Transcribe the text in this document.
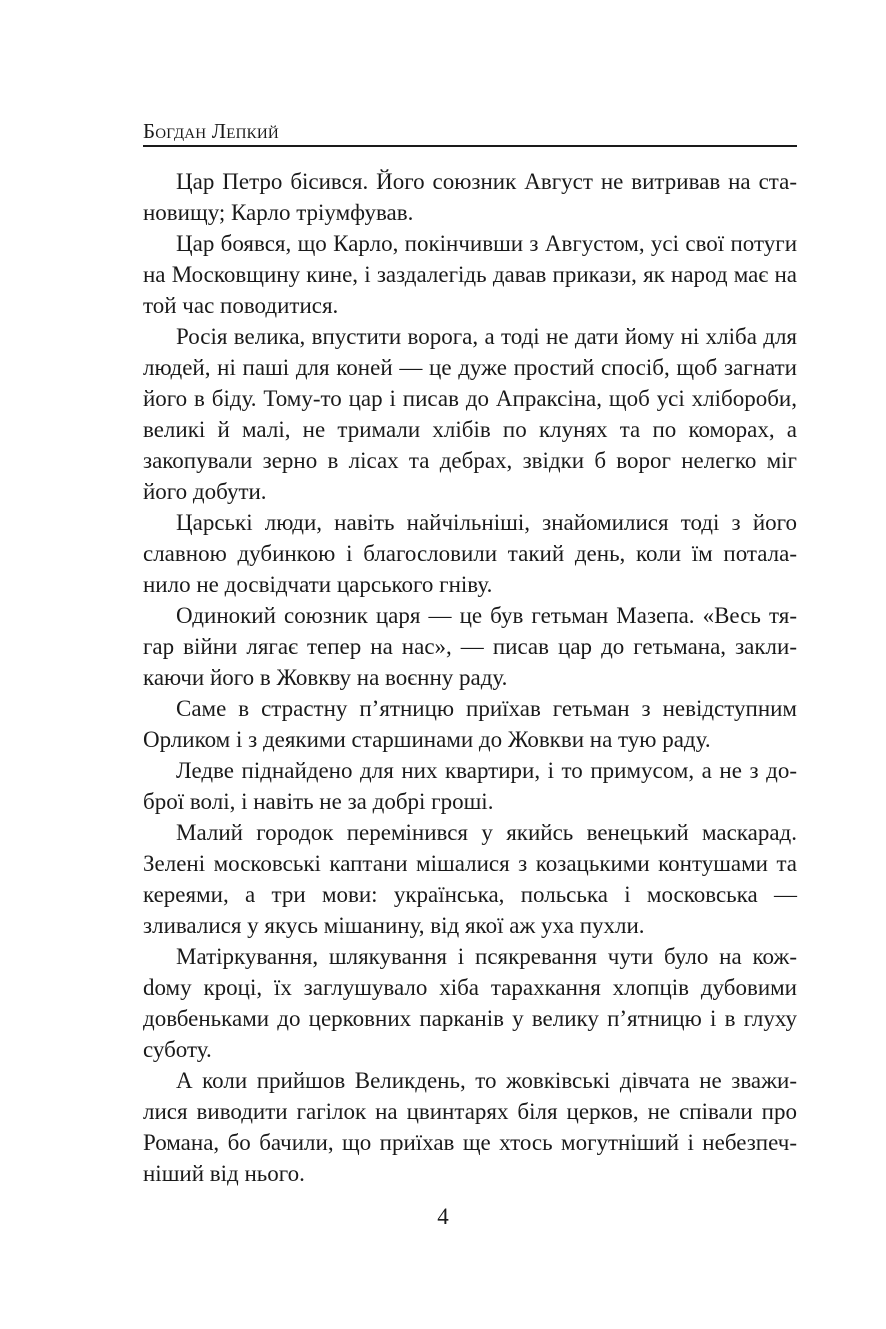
Богдан Лепкий

Цар Петро бісився. Його союзник Август не витривав на становищу; Карло тріумфував.

Цар боявся, що Карло, покінчивши з Августом, усі свої потуги на Московщину кине, і заздалегідь давав прикази, як народ має на той час поводитися.

Росія велика, впустити ворога, а тоді не дати йому ні хліба для людей, ні паші для коней — це дуже простий спосіб, щоб загнати його в біду. Тому-то цар і писав до Апраксіна, щоб усі хлібороби, великі й малі, не тримали хлібів по клунях та по коморах, а закопували зерно в лісах та дебрах, звідки б ворог нелегко міг його добути.

Царські люди, навіть найчільніші, знайомилися тоді з його славною дубинкою і благословили такий день, коли їм поталанило не досвідчати царського гніву.

Одинокий союзник царя — це був гетьман Мазепа. «Весь тягар війни лягає тепер на нас», — писав цар до гетьмана, закликаючи його в Жовкву на воєнну раду.

Саме в страстну п’ятницю приїхав гетьман з невідступним Орликом і з деякими старшинами до Жовкви на тую раду.

Ледве піднайдено для них квартири, і то примусом, а не з доброї волі, і навіть не за добрі гроші.

Малий городок перемінився у якийсь венецький маскарад. Зелені московські каптани мішалися з козацькими контушами та кереями, а три мови: українська, польська і московська — зливалися у якусь мішанину, від якої аж уха пухли.

Матіркування, шлякування і псякревання чути було на кожdому кроці, їх заглушувало хіба тарахкання хлопців дубовими довбеньками до церковних парканів у велику п’ятницю і в глуху суботу.

А коли прийшов Великдень, то жовківські дівчата не зважилися виводити гагілок на цвинтарях біля церков, не співали про Романа, бо бачили, що приїхав ще хтось могутніший і небезпечніший від нього.

4
